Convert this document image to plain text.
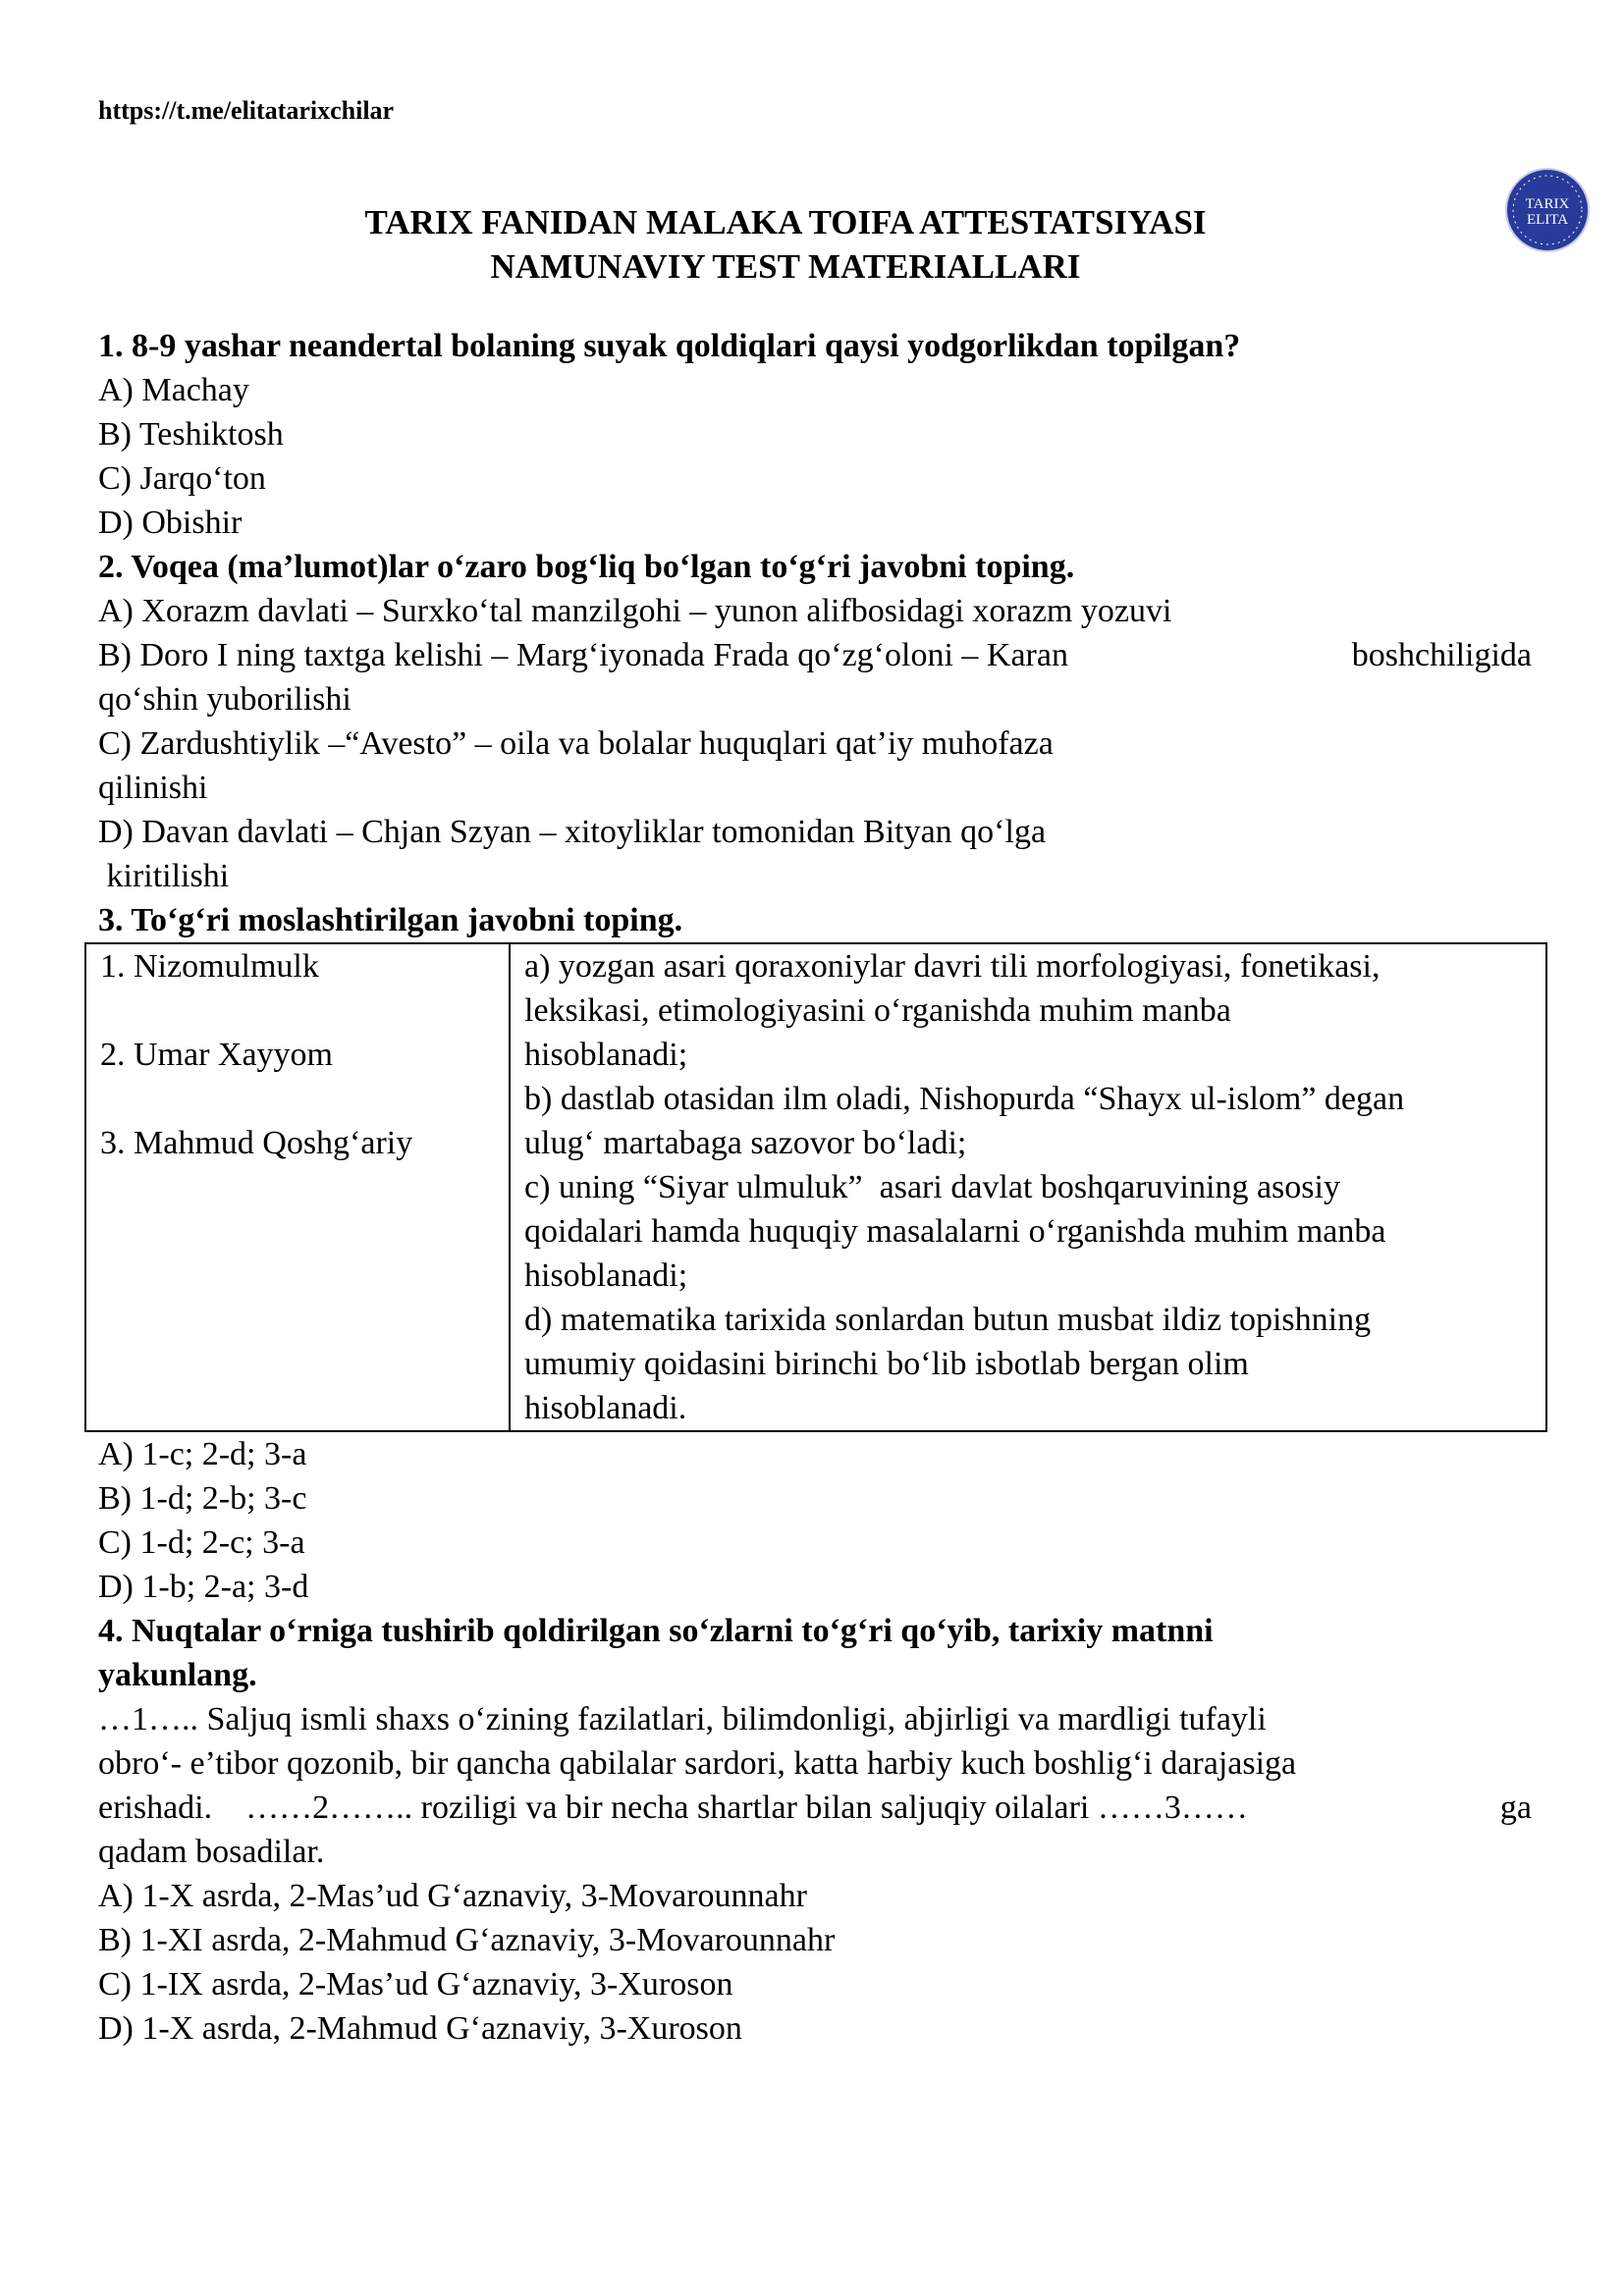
https://t.me/elitatarixchilar
TARIX
ELITA
TARIX FANIDAN MALAKA TOIFA ATTESTATSIYASI
NAMUNAVIY TEST MATERIALLARI
1. 8-9 yashar neandertal bolaning suyak qoldiqlari qaysi yodgorlikdan topilgan?
A) Machay
B) Teshiktosh
C) Jarqo‘ton
D) Obishir
2. Voqea (ma’lumot)lar o‘zaro bog‘liq bo‘lgan to‘g‘ri javobni toping.
A) Xorazm davlati – Surxko‘tal manzilgohi – yunon alifbosidagi xorazm yozuvi
B) Doro I ning taxtga kelishi – Marg‘iyonada Frada qo‘zg‘oloni – Karan	boshchiligida
qo‘shin yuborilishi
C) Zardushtiylik –“Avesto” – oila va bolalar huquqlari qat’iy muhofaza
qilinishi
D) Davan davlati – Chjan Szyan – xitoyliklar tomonidan Bityan qo‘lga
kiritilishi
3. To‘g‘ri moslashtirilgan javobni toping.
1. Nizomulmulk
2. Umar Xayyom
3. Mahmud Qoshg‘ariy

a) yozgan asari qoraxoniylar davri tili morfologiyasi, fonetikasi,
leksikasi, etimologiyasini o‘rganishda muhim manba
hisoblanadi;
b) dastlab otasidan ilm oladi, Nishopurda “Shayx ul-islom” degan
ulug‘ martabaga sazovor bo‘ladi;
c) uning “Siyar ulmuluk”  asari davlat boshqaruvining asosiy
qoidalari hamda huquqiy masalalarni o‘rganishda muhim manba
hisoblanadi;
d) matematika tarixida sonlardan butun musbat ildiz topishning
umumiy qoidasini birinchi bo‘lib isbotlab bergan olim
hisoblanadi.
A) 1-c; 2-d; 3-a
B) 1-d; 2-b; 3-c
C) 1-d; 2-c; 3-a
D) 1-b; 2-a; 3-d
4. Nuqtalar o‘rniga tushirib qoldirilgan so‘zlarni to‘g‘ri qo‘yib, tarixiy matnni
yakunlang.
…1….. Saljuq ismli shaxs o‘zining fazilatlari, bilimdonligi, abjirligi va mardligi tufayli
obro‘- e’tibor qozonib, bir qancha qabilalar sardori, katta harbiy kuch boshlig‘i darajasiga
erishadi.    ……2…….. roziligi va bir necha shartlar bilan saljuqiy oilalari ……3……	ga
qadam bosadilar.
A) 1-X asrda, 2-Mas’ud G‘aznaviy, 3-Movarounnahr
B) 1-XI asrda, 2-Mahmud G‘aznaviy, 3-Movarounnahr
C) 1-IX asrda, 2-Mas’ud G‘aznaviy, 3-Xuroson
D) 1-X asrda, 2-Mahmud G‘aznaviy, 3-Xuroson
